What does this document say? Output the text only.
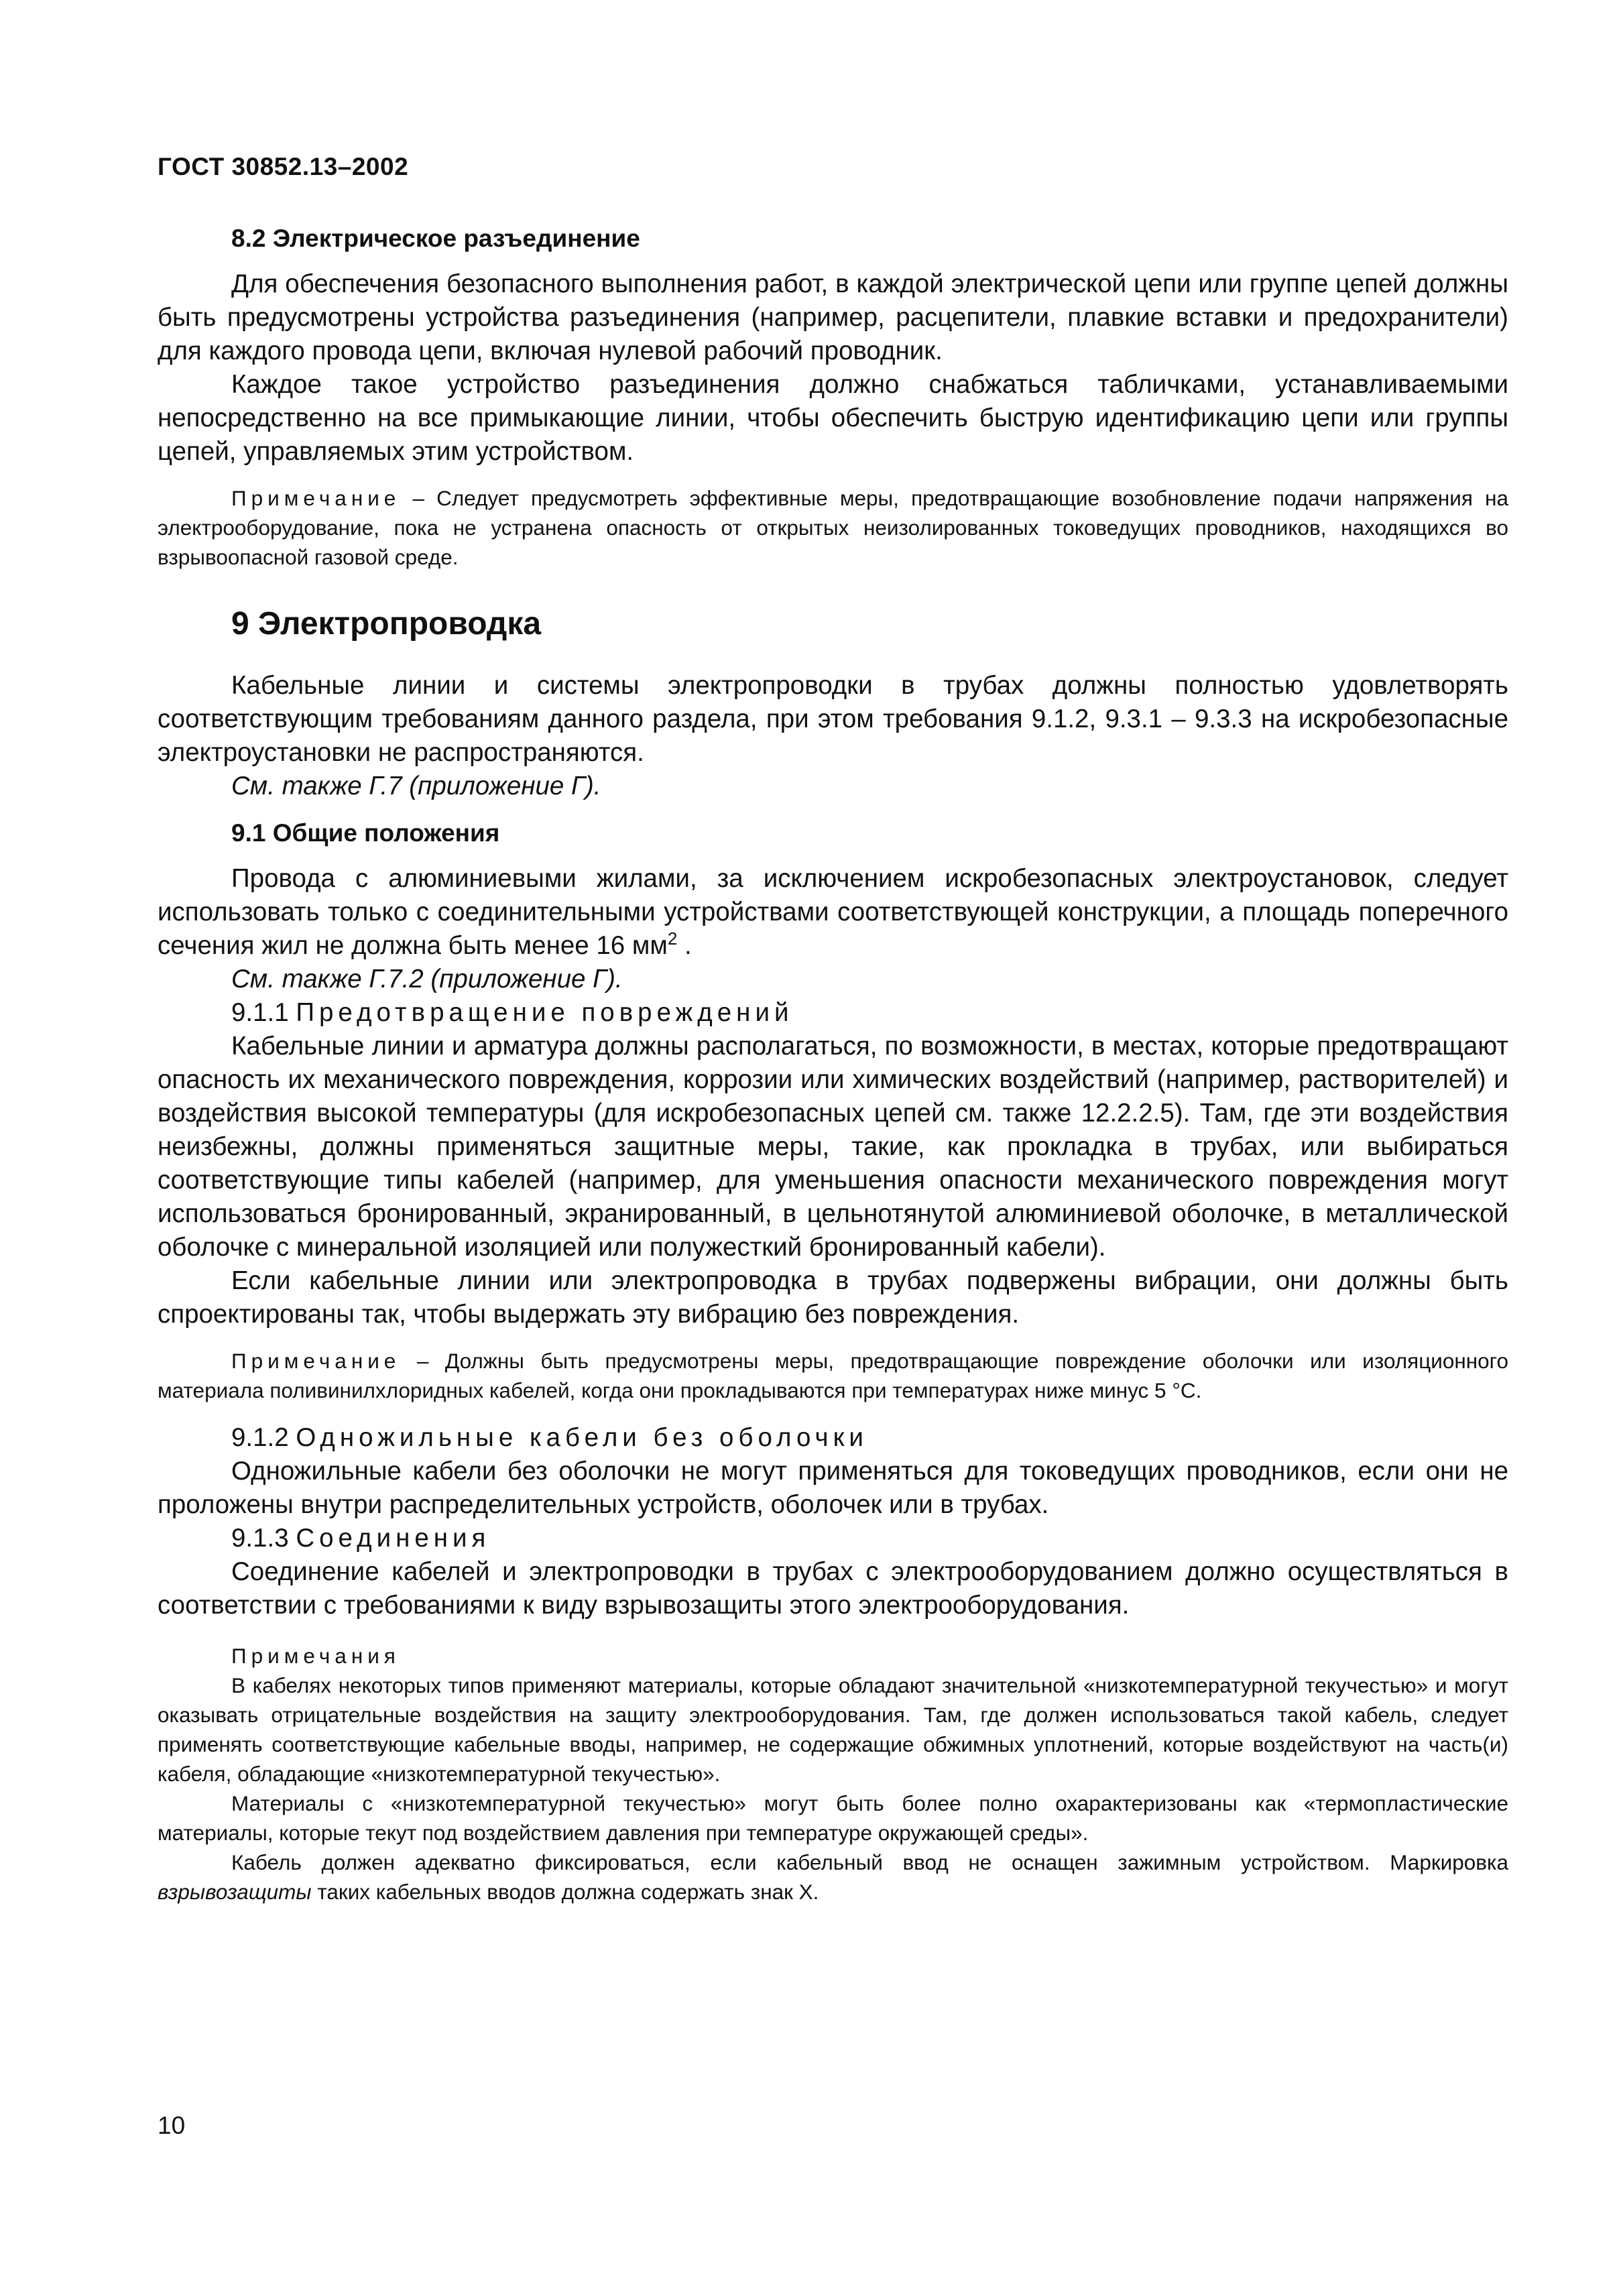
ГОСТ 30852.13–2002

8.2 Электрическое разъединение

Для обеспечения безопасного выполнения работ, в каждой электрической цепи или группе цепей должны быть предусмотрены устройства разъединения (например, расцепители, плавкие вставки и предохранители) для каждого провода цепи, включая нулевой рабочий проводник.

Каждое такое устройство разъединения должно снабжаться табличками, устанавливаемыми непосредственно на все примыкающие линии, чтобы обеспечить быструю идентификацию цепи или группы цепей, управляемых этим устройством.

Примечание – Следует предусмотреть эффективные меры, предотвращающие возобновление подачи напряжения на электрооборудование, пока не устранена опасность от открытых неизолированных токоведущих проводников, находящихся во взрывоопасной газовой среде.

9 Электропроводка

Кабельные линии и системы электропроводки в трубах должны полностью удовлетворять соответствующим требованиям данного раздела, при этом требования 9.1.2, 9.3.1 – 9.3.3 на искробезопасные электроустановки не распространяются.

См. также Г.7 (приложение Г).

9.1 Общие положения

Провода с алюминиевыми жилами, за исключением искробезопасных электроустановок, следует использовать только с соединительными устройствами соответствующей конструкции, а площадь поперечного сечения жил не должна быть менее 16 $мм^2$ .

См. также Г.7.2 (приложение Г).

9.1.1 Предотвращение повреждений

Кабельные линии и арматура должны располагаться, по возможности, в местах, которые предотвращают опасность их механического повреждения, коррозии или химических воздействий (например, растворителей) и воздействия высокой температуры (для искробезопасных цепей см. также 12.2.2.5). Там, где эти воздействия неизбежны, должны применяться защитные меры, такие, как прокладка в трубах, или выбираться соответствующие типы кабелей (например, для уменьшения опасности механического повреждения могут использоваться бронированный, экранированный, в цельнотянутой алюминиевой оболочке, в металлической оболочке с минеральной изоляцией или полужесткий бронированный кабели).

Если кабельные линии или электропроводка в трубах подвержены вибрации, они должны быть спроектированы так, чтобы выдержать эту вибрацию без повреждения.

Примечание – Должны быть предусмотрены меры, предотвращающие повреждение оболочки или изоляционного материала поливинилхлоридных кабелей, когда они прокладываются при температурах ниже минус 5 °С.

9.1.2 Одножильные кабели без оболочки

Одножильные кабели без оболочки не могут применяться для токоведущих проводников, если они не проложены внутри распределительных устройств, оболочек или в трубах.

9.1.3 Соединения

Соединение кабелей и электропроводки в трубах с электрооборудованием должно осуществляться в соответствии с требованиями к виду взрывозащиты этого электрооборудования.

Примечания

В кабелях некоторых типов применяют материалы, которые обладают значительной «низкотемпературной текучестью» и могут оказывать отрицательные воздействия на защиту электрооборудования. Там, где должен использоваться такой кабель, следует применять соответствующие кабельные вводы, например, не содержащие обжимных уплотнений, которые воздействуют на часть(и) кабеля, обладающие «низкотемпературной текучестью».

Материалы с «низкотемпературной текучестью» могут быть более полно охарактеризованы как «термопластические материалы, которые текут под воздействием давления при температуре окружающей среды».

Кабель должен адекватно фиксироваться, если кабельный ввод не оснащен зажимным устройством. Маркировка взрывозащиты таких кабельных вводов должна содержать знак Х.

10
